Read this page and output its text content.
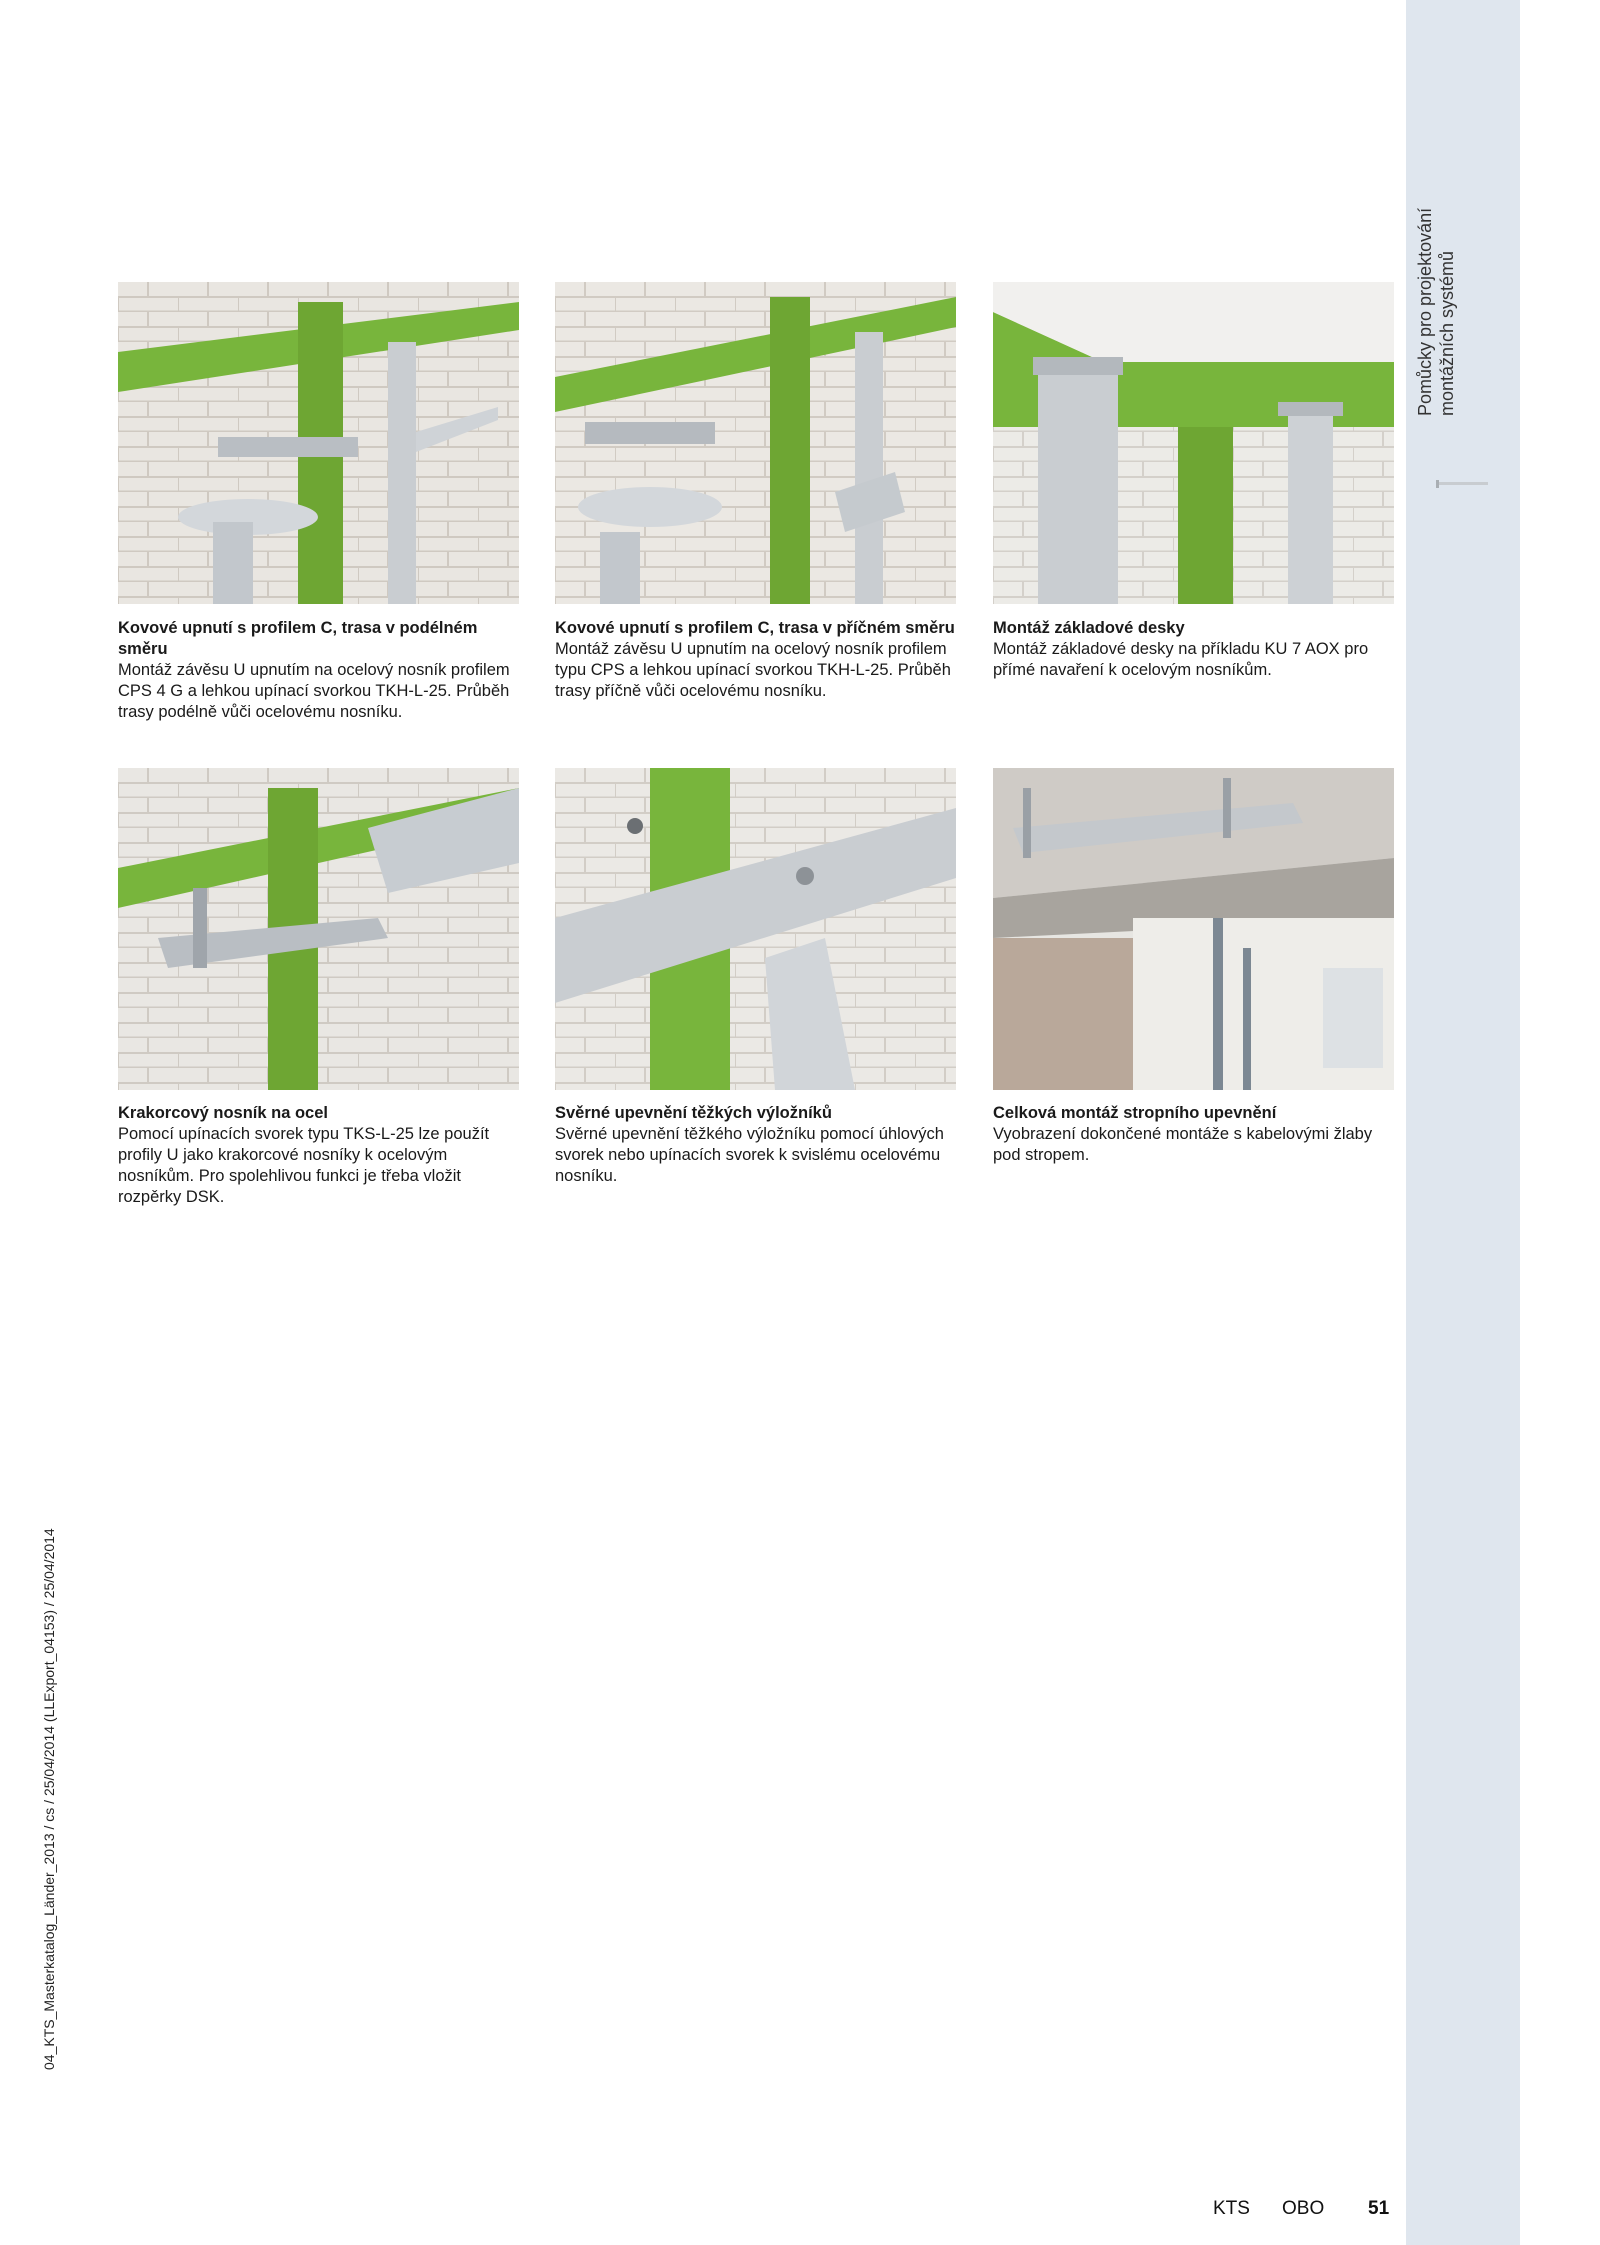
Pomůcky pro projektování montážních systémů
Kovové upnutí s profilem C, trasa v podélném směru
Montáž závěsu U upnutím na ocelový nosník profilem CPS 4 G a lehkou upínací svorkou TKH-L-25. Průběh trasy podélně vůči ocelovému nosníku.
Kovové upnutí s profilem C, trasa v příčném směru
Montáž závěsu U upnutím na ocelový nosník profilem typu CPS a lehkou upínací svorkou TKH-L-25. Průběh trasy příčně vůči ocelovému nosníku.
Montáž základové desky
Montáž základové desky na příkladu KU 7 AOX pro přímé navaření k ocelovým nosníkům.
Krakorcový nosník na ocel
Pomocí upínacích svorek typu TKS-L-25 lze použít profily U jako krakorcové nosníky k ocelovým nosníkům. Pro spolehlivou funkci je třeba vložit rozpěrky DSK.
Svěrné upevnění těžkých výložníků
Svěrné upevnění těžkého výložníku pomocí úhlových svorek nebo upínacích svorek k svislému ocelovému nosníku.
Celková montáž stropního upevnění
Vyobrazení dokončené montáže s kabelovými žlaby pod stropem.
04_KTS_Masterkatalog_Länder_2013 / cs / 25/04/2014 (LLExport_04153) / 25/04/2014
KTS OBO 51
